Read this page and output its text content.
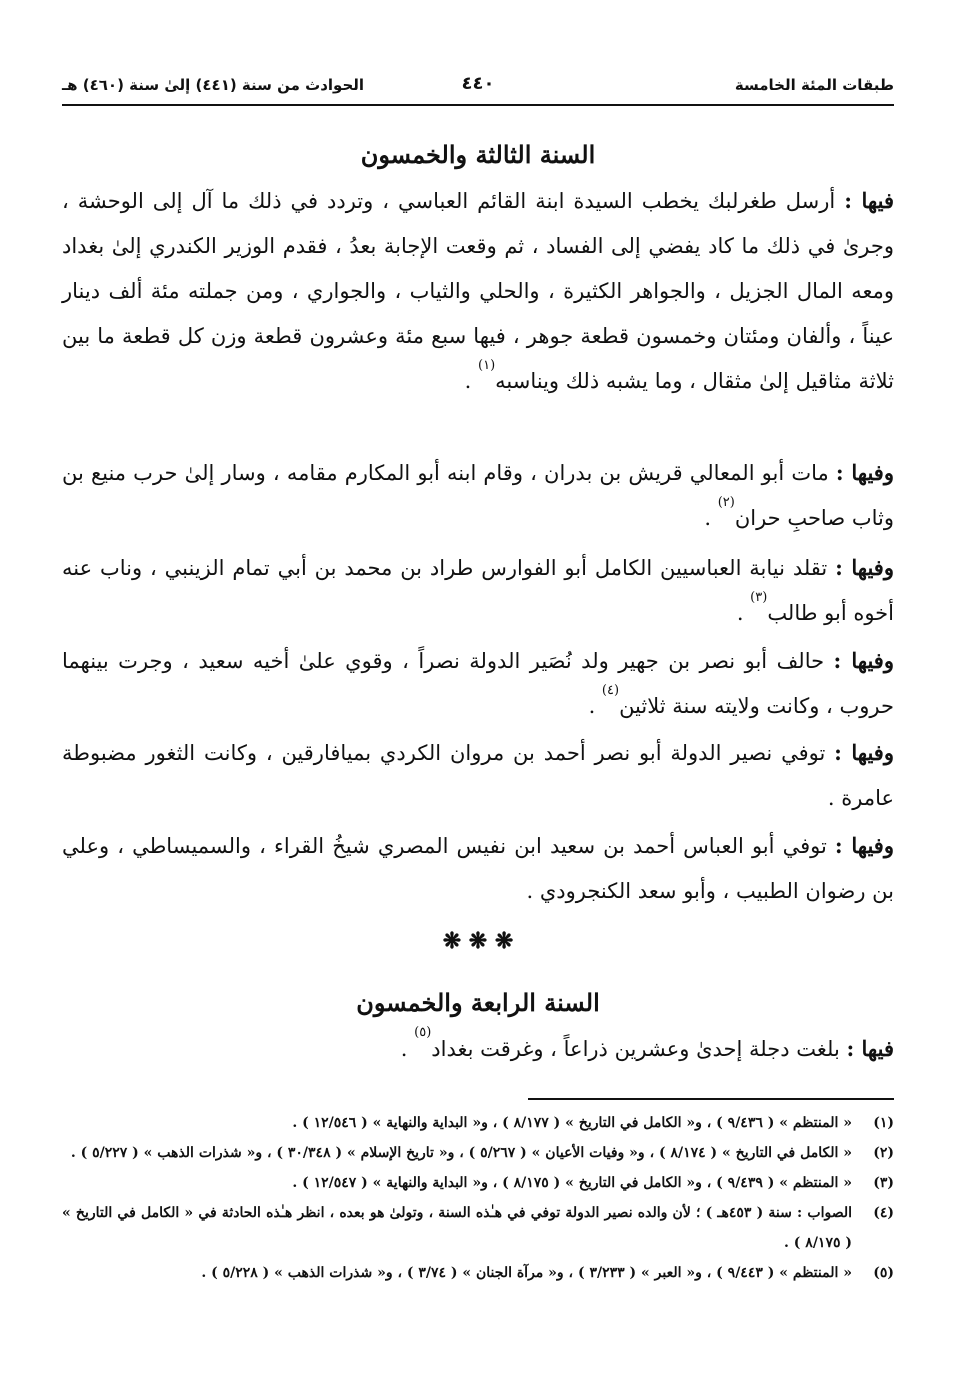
طبقات المئة الخامسة
٤٤٠
الحوادث من سنة (٤٤١) إلىٰ سنة (٤٦٠) هـ
السنة الثالثة والخمسون

فيها : أرسل طغرلبك يخطب السيدة ابنة القائم العباسي ، وتردد في ذلك ما آل إلى الوحشة ، وجرىٰ في ذلك ما كاد يفضي إلى الفساد ، ثم وقعت الإجابة بعدُ ، فقدم الوزير الكندري إلىٰ بغداد ومعه المال الجزيل ، والجواهر الكثيرة ، والحلي والثياب ، والجواري ، ومن جملته مئة ألف دينار عيناً ، وألفان ومئتان وخمسون قطعة جوهر ، فيها سبع مئة وعشرون قطعة وزن كل قطعة ما بين ثلاثة مثاقيل إلىٰ مثقال ، وما يشبه ذلك ويناسبه$^{(١)}$ .

وفيها : مات أبو المعالي قريش بن بدران ، وقام ابنه أبو المكارم مقامه ، وسار إلىٰ حرب منيع بن وثاب صاحبِ حران$^{(٢)}$ .

وفيها : تقلد نيابة العباسيين الكامل أبو الفوارس طراد بن محمد بن أبي تمام الزينبي ، وناب عنه أخوه أبو طالب$^{(٣)}$ .

وفيها : حالف أبو نصر بن جهير ولد نُصَير الدولة نصراً ، وقوي علىٰ أخيه سعيد ، وجرت بينهما حروب ، وكانت ولايته سنة ثلاثين$^{(٤)}$ .

وفيها : توفي نصير الدولة أبو نصر أحمد بن مروان الكردي بميافارقين ، وكانت الثغور مضبوطة عامرة .

وفيها : توفي أبو العباس أحمد بن سعيد ابن نفيس المصري شيخُ القراء ، والسميساطي ، وعلي بن رضوان الطبيب ، وأبو سعد الكنجرودي .

❋ ❋ ❋
السنة الرابعة والخمسون

فيها : بلغت دجلة إحدىٰ وعشرين ذراعاً ، وغرقت بغداد$^{(٥)}$ .

(١)
« المنتظم » ( ٩/٤٣٦ ) ، و« الكامل في التاريخ » ( ٨/١٧٧ ) ، و« البداية والنهاية » ( ١٢/٥٤٦ ) .
(٢)
« الكامل في التاريخ » ( ٨/١٧٤ ) ، و« وفيات الأعيان » ( ٥/٢٦٧ ) ، و« تاريخ الإسلام » ( ٣٠/٣٤٨ ) ، و« شذرات الذهب » ( ٥/٢٢٧ ) .
(٣)
« المنتظم » ( ٩/٤٣٩ ) ، و« الكامل في التاريخ » ( ٨/١٧٥ ) ، و« البداية والنهاية » ( ١٢/٥٤٧ ) .
(٤)
الصواب : سنة ( ٤٥٣هـ ) ؛ لأن والده نصير الدولة توفي في هـٰذه السنة ، وتولىٰ هو بعده ، انظر هـٰذه الحادثة في « الكامل في التاريخ » ( ٨/١٧٥ ) .
(٥)
« المنتظم » ( ٩/٤٤٣ ) ، و« العبر » ( ٣/٢٣٣ ) ، و« مرآة الجنان » ( ٣/٧٤ ) ، و« شذرات الذهب » ( ٥/٢٢٨ ) .
